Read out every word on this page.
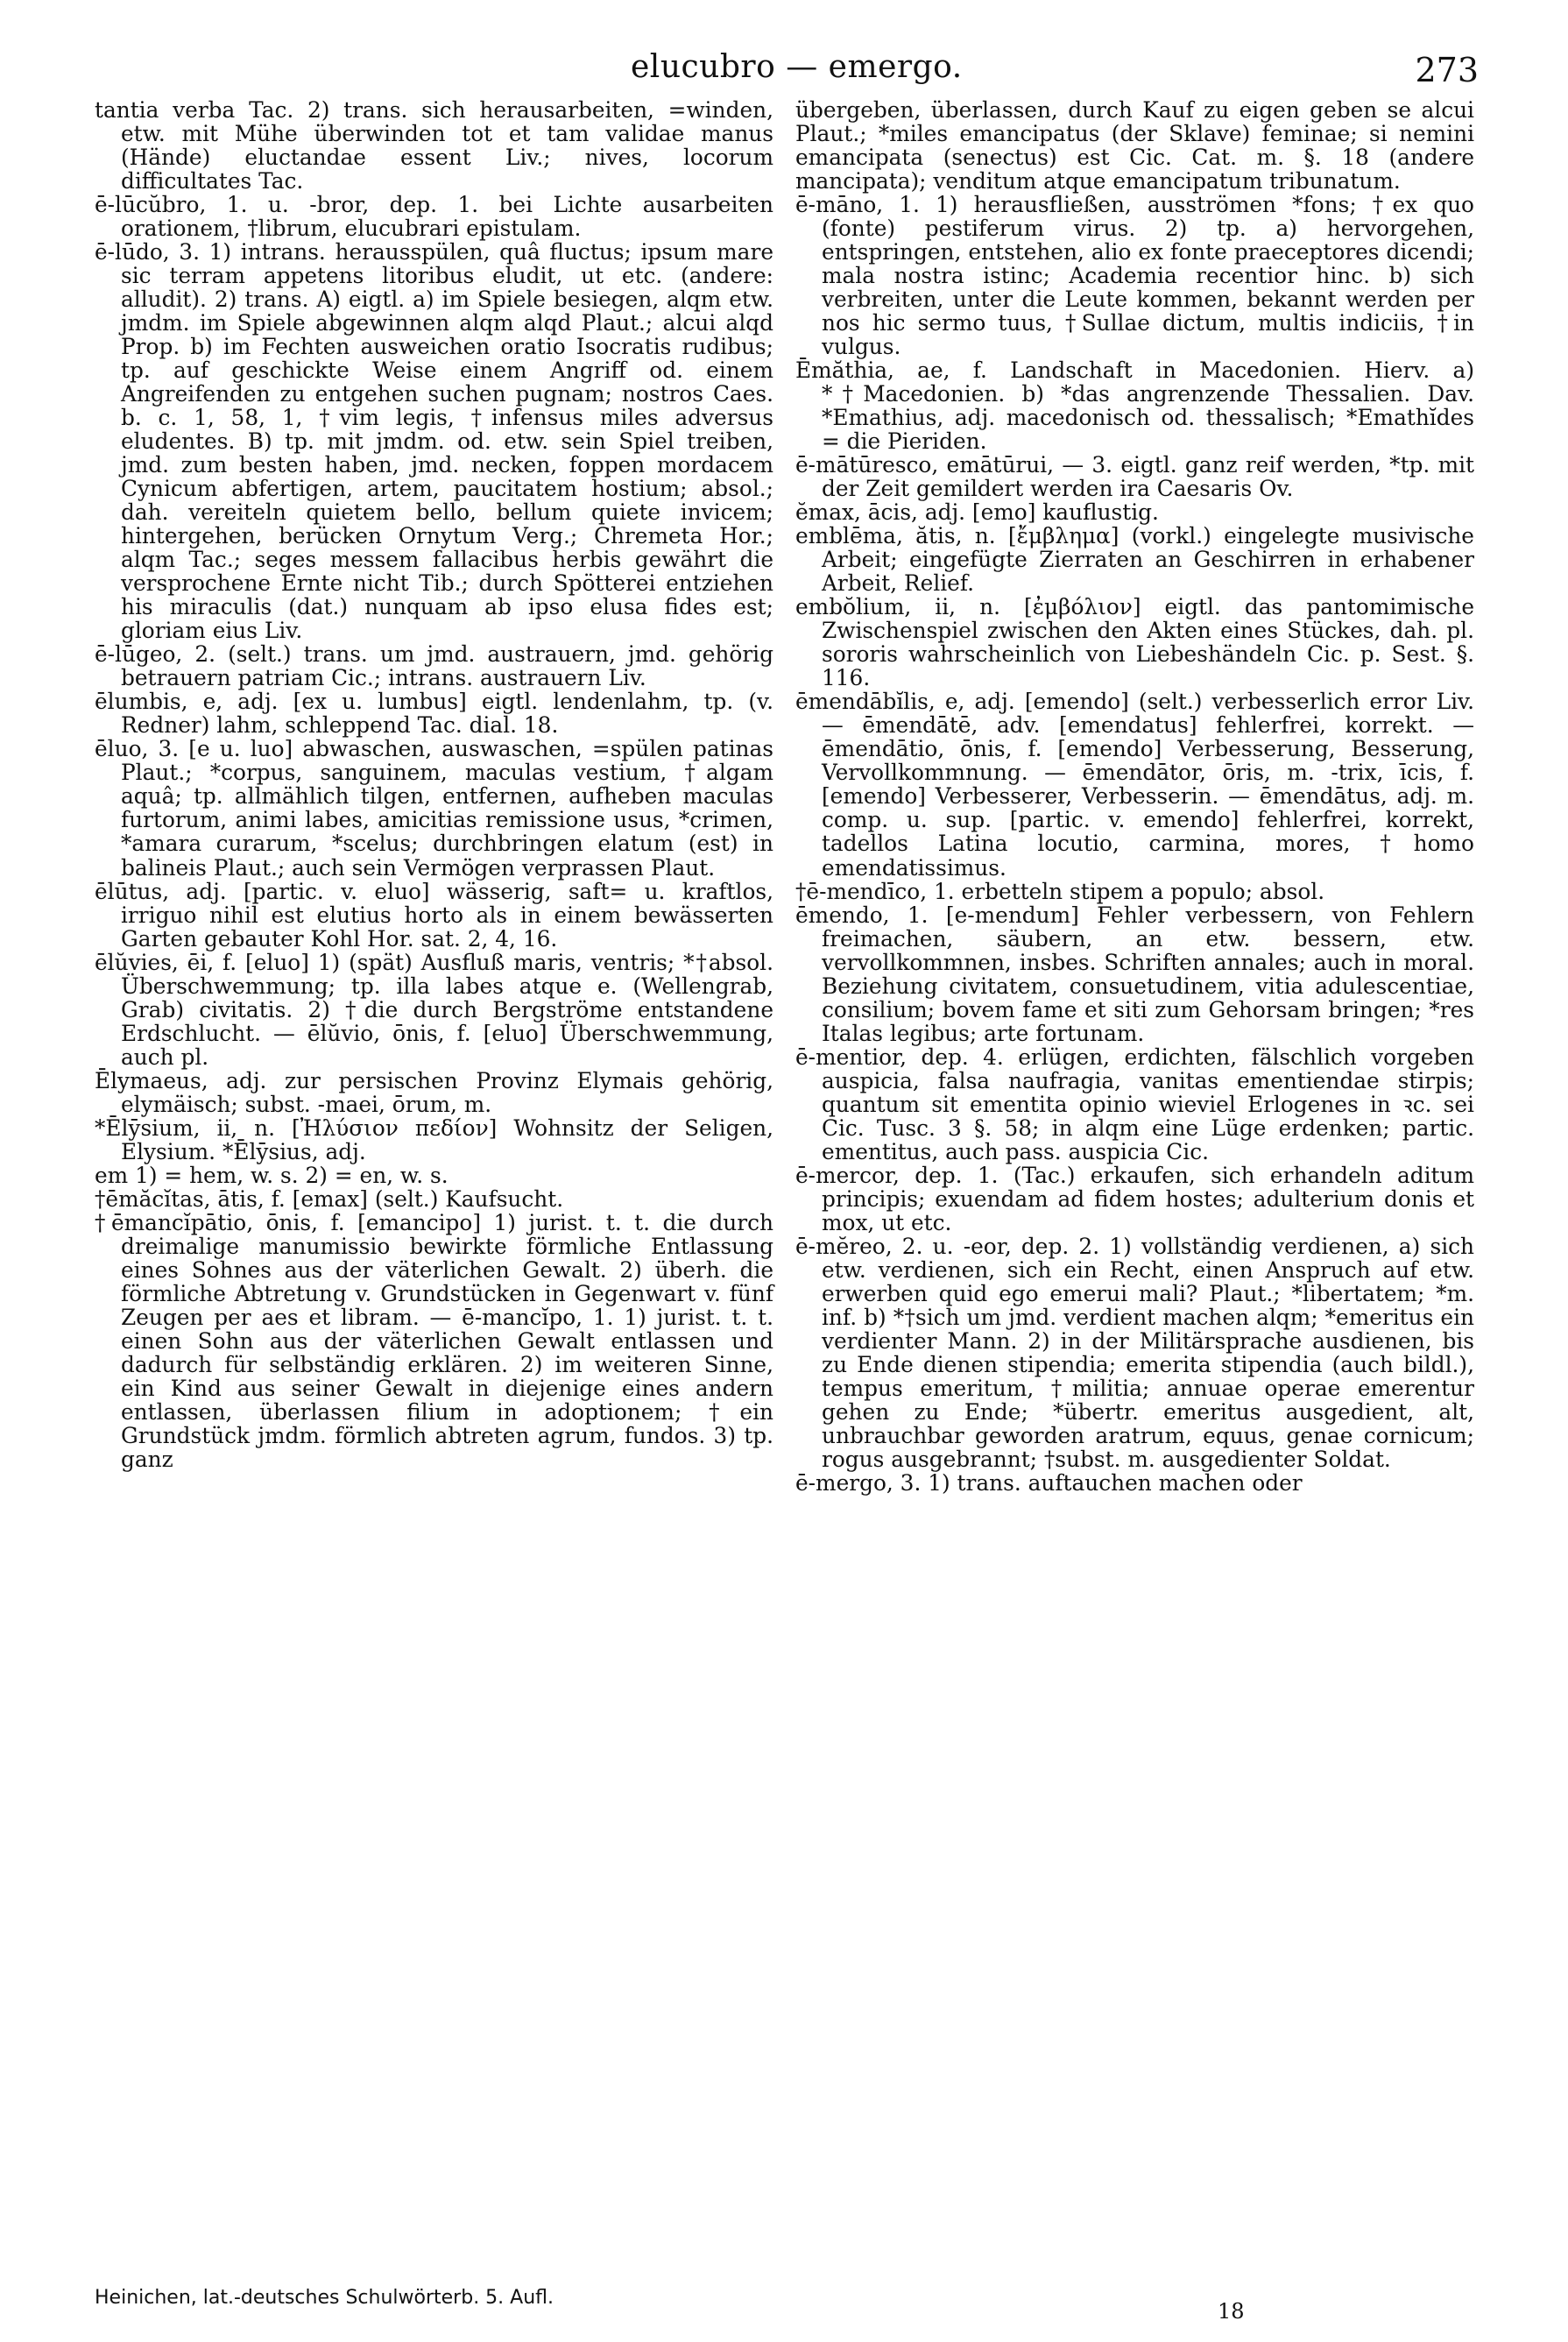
elucubro — emergo.	273

tantia verba Tac. 2) trans. sich herausarbeiten, =winden, etw. mit Mühe überwinden tot et tam validae manus (Hände) eluctandae essent Liv.; nives, locorum difficultates Tac.

ē-lūcŭbro, 1. u. -bror, dep. 1. bei Lichte ausarbeiten orationem, †librum, elucubrari epistulam.

ē-lūdo, 3. 1) intrans. herausspülen, quâ fluctus; ipsum mare sic terram appetens litoribus eludit, ut etc. (andere: alludit). 2) trans. A) eigtl. a) im Spiele besiegen, alqm etw. jmdm. im Spiele abgewinnen alqm alqd Plaut.; alcui alqd Prop. b) im Fechten ausweichen oratio Isocratis rudibus; tp. auf geschickte Weise einem Angriff od. einem Angreifenden zu entgehen suchen pugnam; nostros Caes. b. c. 1, 58, 1, †vim legis, †infensus miles adversus eludentes. B) tp. mit jmdm. od. etw. sein Spiel treiben, jmd. zum besten haben, jmd. necken, foppen mordacem Cynicum abfertigen, artem, paucitatem hostium; absol.; dah. vereiteln quietem bello, bellum quiete invicem; hintergehen, berücken Ornytum Verg.; Chremeta Hor.; alqm Tac.; seges messem fallacibus herbis gewährt die versprochene Ernte nicht Tib.; durch Spötterei entziehen his miraculis (dat.) nunquam ab ipso elusa fides est; gloriam eius Liv.

ē-lūgeo, 2. (selt.) trans. um jmd. austrauern, jmd. gehörig betrauern patriam Cic.; intrans. austrauern Liv.

ēlumbis, e, adj. [ex u. lumbus] eigtl. lendenlahm, tp. (v. Redner) lahm, schleppend Tac. dial. 18.

ēluo, 3. [e u. luo] abwaschen, auswaschen, =spülen patinas Plaut.; *corpus, sanguinem, maculas vestium, †algam aquâ; tp. allmählich tilgen, entfernen, aufheben maculas furtorum, animi labes, amicitias remissione usus, *crimen, *amara curarum, *scelus; durchbringen elatum (est) in balineis Plaut.; auch sein Vermögen verprassen Plaut.

ēlūtus, adj. [partic. v. eluo] wässerig, saft= u. kraftlos, irriguo nihil est elutius horto als in einem bewässerten Garten gebauter Kohl Hor. sat. 2, 4, 16.

ēlŭvies, ēi, f. [eluo] 1) (spät) Ausfluß maris, ventris; *†absol. Überschwemmung; tp. illa labes atque e. (Wellengrab, Grab) civitatis. 2) †die durch Bergströme entstandene Erdschlucht. — ēlŭvio, ōnis, f. [eluo] Überschwemmung, auch pl.

Ēlymaeus, adj. zur persischen Provinz Elymais gehörig, elymäisch; subst. -maei, ōrum, m.

*Ēlȳsium, ii, n. [Ἠλύσιον πεδίον] Wohnsitz der Seligen, Elysium. *Ēlȳsius, adj.

em 1) = hem, w. s. 2) = en, w. s.

†ēmăcĭtas, ātis, f. [emax] (selt.) Kaufsucht.

†ēmancĭpātio, ōnis, f. [emancipo] 1) jurist. t. t. die durch dreimalige manumissio bewirkte förmliche Entlassung eines Sohnes aus der väterlichen Gewalt. 2) überh. die förmliche Abtretung v. Grundstücken in Gegenwart v. fünf Zeugen per aes et libram. — ē-mancĭpo, 1. 1) jurist. t. t. einen Sohn aus der väterlichen Gewalt entlassen und dadurch für selbständig erklären. 2) im weiteren Sinne, ein Kind aus seiner Gewalt in diejenige eines andern entlassen, überlassen filium in adoptionem; †ein Grundstück jmdm. förmlich abtreten agrum, fundos. 3) tp. ganz

übergeben, überlassen, durch Kauf zu eigen geben se alcui Plaut.; *miles emancipatus (der Sklave) feminae; si nemini emancipata (senectus) est Cic. Cat. m. §. 18 (andere mancipata); venditum atque emancipatum tribunatum.

ē-māno, 1. 1) herausfließen, ausströmen *fons; †ex quo (fonte) pestiferum virus. 2) tp. a) hervorgehen, entspringen, entstehen, alio ex fonte praeceptores dicendi; mala nostra istinc; Academia recentior hinc. b) sich verbreiten, unter die Leute kommen, bekannt werden per nos hic sermo tuus, †Sullae dictum, multis indiciis, †in vulgus.

Ēmăthia, ae, f. Landschaft in Macedonien. Hierv. a) *†Macedonien. b) *das angrenzende Thessalien. Dav. *Emathius, adj. macedonisch od. thessalisch; *Emathĭdes = die Pieriden.

ē-mātūresco, emātūrui, — 3. eigtl. ganz reif werden, *tp. mit der Zeit gemildert werden ira Caesaris Ov.

ĕmax, ācis, adj. [emo] kauflustig.

emblēma, ătis, n. [ἔμβλημα] (vorkl.) eingelegte musivische Arbeit; eingefügte Zierraten an Geschirren in erhabener Arbeit, Relief.

embŏlium, ii, n. [ἐμβόλιον] eigtl. das pantomimische Zwischenspiel zwischen den Akten eines Stückes, dah. pl. sororis wahrscheinlich von Liebeshändeln Cic. p. Sest. §. 116.

ēmendābĭlis, e, adj. [emendo] (selt.) verbesserlich error Liv. — ēmendātē, adv. [emendatus] fehlerfrei, korrekt. — ēmendātio, ōnis, f. [emendo] Verbesserung, Besserung, Vervollkommnung. — ēmendātor, ōris, m. -trix, īcis, f. [emendo] Verbesserer, Verbesserin. — ēmendātus, adj. m. comp. u. sup. [partic. v. emendo] fehlerfrei, korrekt, tadellos Latina locutio, carmina, mores, †homo emendatissimus.

†ē-mendīco, 1. erbetteln stipem a populo; absol.

ēmendo, 1. [e-mendum] Fehler verbessern, von Fehlern freimachen, säubern, an etw. bessern, etw. vervollkommnen, insbes. Schriften annales; auch in moral. Beziehung civitatem, consuetudinem, vitia adulescentiae, consilium; bovem fame et siti zum Gehorsam bringen; *res Italas legibus; arte fortunam.

ē-mentior, dep. 4. erlügen, erdichten, fälschlich vorgeben auspicia, falsa naufragia, vanitas ementiendae stirpis; quantum sit ementita opinio wieviel Erlogenes in ꝛc. sei Cic. Tusc. 3 §. 58; in alqm eine Lüge erdenken; partic. ementitus, auch pass. auspicia Cic.

ē-mercor, dep. 1. (Tac.) erkaufen, sich erhandeln aditum principis; exuendam ad fidem hostes; adulterium donis et mox, ut etc.

ē-mĕreo, 2. u. -eor, dep. 2. 1) vollständig verdienen, a) sich etw. verdienen, sich ein Recht, einen Anspruch auf etw. erwerben quid ego emerui mali? Plaut.; *libertatem; *m. inf. b) *†sich um jmd. verdient machen alqm; *emeritus ein verdienter Mann. 2) in der Militärsprache ausdienen, bis zu Ende dienen stipendia; emerita stipendia (auch bildl.), tempus emeritum, †militia; annuae operae emerentur gehen zu Ende; *übertr. emeritus ausgedient, alt, unbrauchbar geworden aratrum, equus, genae cornicum; rogus ausgebrannt; †subst. m. ausgedienter Soldat.

ē-mergo, 3. 1) trans. auftauchen machen oder

Heinichen, lat.-deutsches Schulwörterb. 5. Aufl.
18
